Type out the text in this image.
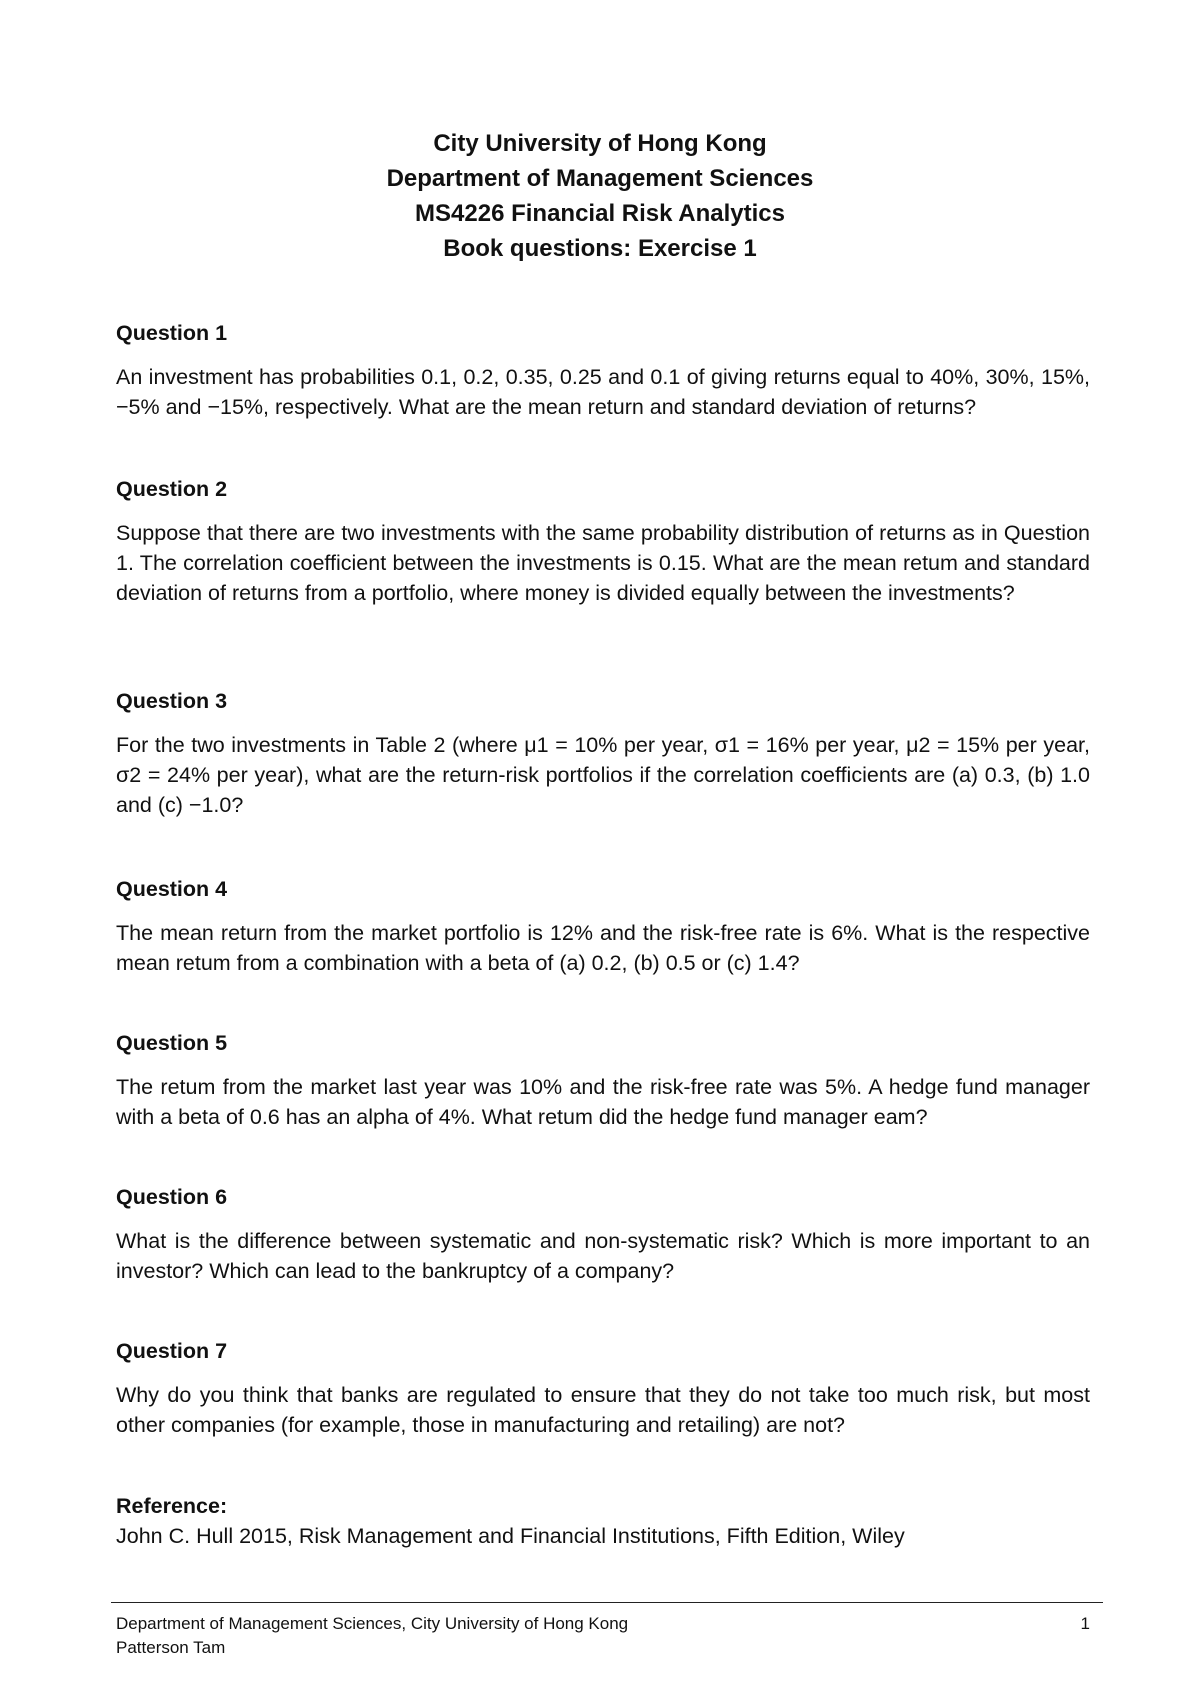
City University of Hong Kong
Department of Management Sciences
MS4226 Financial Risk Analytics
Book questions: Exercise 1
Question 1
An investment has probabilities 0.1, 0.2, 0.35, 0.25 and 0.1 of giving returns equal to 40%, 30%, 15%, −5% and −15%, respectively. What are the mean return and standard deviation of returns?
Question 2
Suppose that there are two investments with the same probability distribution of returns as in Question 1. The correlation coefficient between the investments is 0.15. What are the mean retum and standard deviation of returns from a portfolio, where money is divided equally between the investments?
Question 3
For the two investments in Table 2 (where μ1 = 10% per year, σ1 = 16% per year, μ2 = 15% per year, σ2 = 24% per year), what are the return-risk portfolios if the correlation coefficients are (a) 0.3, (b) 1.0 and (c) −1.0?
Question 4
The mean return from the market portfolio is 12% and the risk-free rate is 6%. What is the respective mean retum from a combination with a beta of (a) 0.2, (b) 0.5 or (c) 1.4?
Question 5
The retum from the market last year was 10% and the risk-free rate was 5%. A hedge fund manager with a beta of 0.6 has an alpha of 4%. What retum did the hedge fund manager eam?
Question 6
What is the difference between systematic and non-systematic risk? Which is more important to an investor? Which can lead to the bankruptcy of a company?
Question 7
Why do you think that banks are regulated to ensure that they do not take too much risk, but most other companies (for example, those in manufacturing and retailing) are not?
Reference:
John C. Hull 2015, Risk Management and Financial Institutions, Fifth Edition, Wiley
Department of Management Sciences, City University of Hong Kong
Patterson Tam
1
